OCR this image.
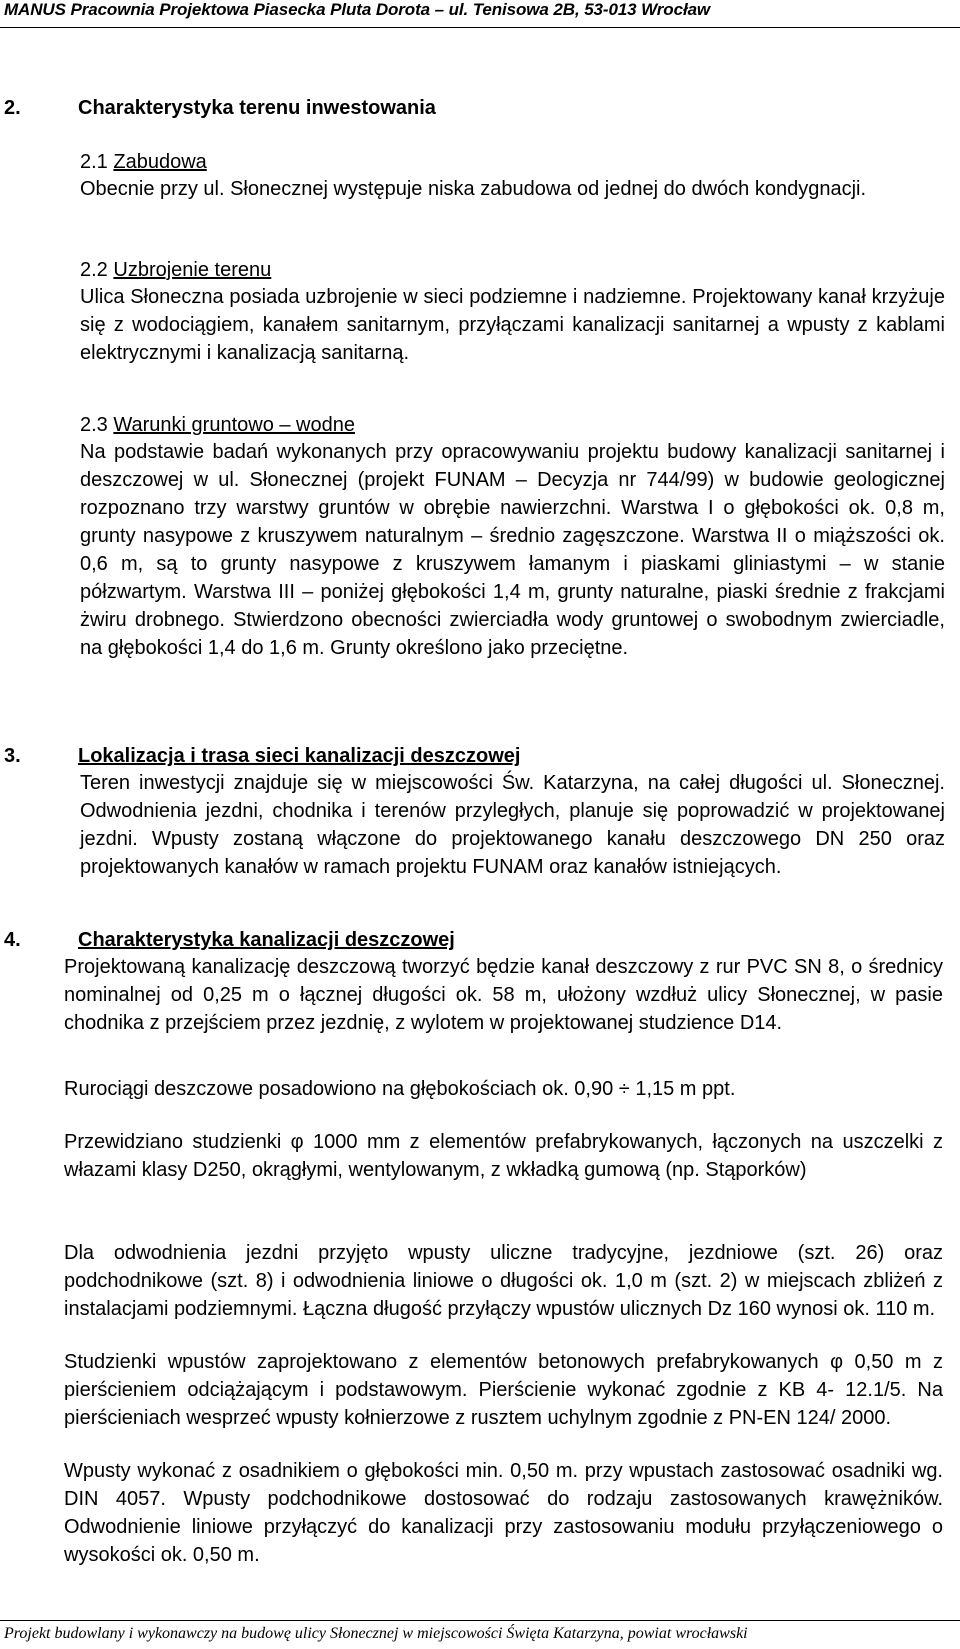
MANUS Pracownia Projektowa Piasecka Pluta Dorota – ul. Tenisowa 2B, 53-013 Wrocław
2.	Charakterystyka terenu inwestowania
2.1 Zabudowa
Obecnie przy ul. Słonecznej występuje niska zabudowa od jednej do dwóch kondygnacji.
2.2 Uzbrojenie terenu
Ulica Słoneczna posiada uzbrojenie w sieci podziemne i nadziemne. Projektowany kanał krzyżuje się z wodociągiem, kanałem sanitarnym, przyłączami kanalizacji sanitarnej a wpusty z kablami elektrycznymi i kanalizacją sanitarną.
2.3 Warunki gruntowo – wodne
Na podstawie badań wykonanych przy opracowywaniu projektu budowy kanalizacji sanitarnej i deszczowej w ul. Słonecznej (projekt FUNAM – Decyzja nr 744/99) w budowie geologicznej rozpoznano trzy warstwy gruntów w obrębie nawierzchni. Warstwa I o głębokości ok. 0,8 m, grunty nasypowe z kruszywem naturalnym – średnio zagęszczone. Warstwa II o miąższości ok. 0,6 m, są to grunty nasypowe z kruszywem łamanym i piaskami gliniastymi – w stanie półzwartym. Warstwa III – poniżej głębokości 1,4 m, grunty naturalne, piaski średnie z frakcjami żwiru drobnego. Stwierdzono obecności zwierciadła wody gruntowej o swobodnym zwierciadle, na głębokości 1,4 do 1,6 m. Grunty określono jako przeciętne.
3.	Lokalizacja i trasa sieci kanalizacji deszczowej
Teren inwestycji znajduje się w miejscowości Św. Katarzyna, na całej długości ul. Słonecznej. Odwodnienia jezdni, chodnika i terenów przyległych, planuje się poprowadzić w projektowanej jezdni. Wpusty zostaną włączone do projektowanego kanału deszczowego DN 250 oraz projektowanych kanałów w ramach projektu FUNAM oraz kanałów istniejących.
4.	Charakterystyka kanalizacji deszczowej
Projektowaną kanalizację deszczową tworzyć będzie kanał deszczowy z rur PVC SN 8, o średnicy nominalnej od 0,25 m o łącznej długości ok. 58 m, ułożony wzdłuż ulicy Słonecznej, w pasie chodnika z przejściem przez jezdnię, z wylotem w projektowanej studzience D14.
Rurociągi deszczowe posadowiono na głębokościach ok. 0,90 ÷ 1,15 m ppt.
Przewidziano studzienki φ 1000 mm z elementów prefabrykowanych, łączonych na uszczelki z włazami klasy D250, okrągłymi, wentylowanym, z wkładką gumową (np. Stąporków)
Dla odwodnienia jezdni przyjęto wpusty uliczne tradycyjne, jezdniowe (szt. 26) oraz podchodnikowe (szt. 8) i odwodnienia liniowe o długości ok. 1,0 m (szt. 2) w miejscach zbliżeń z instalacjami podziemnymi. Łączna długość przyłączy wpustów ulicznych Dz 160 wynosi ok. 110 m.
Studzienki wpustów zaprojektowano z elementów betonowych prefabrykowanych φ 0,50 m z pierścieniem odciążającym i podstawowym. Pierścienie wykonać zgodnie z KB 4- 12.1/5. Na pierścieniach wesprzeć wpusty kołnierzowe z rusztem uchylnym zgodnie z PN-EN 124/ 2000.
Wpusty wykonać z osadnikiem o głębokości min. 0,50 m. przy wpustach zastosować osadniki wg. DIN 4057. Wpusty podchodnikowe dostosować do rodzaju zastosowanych krawężników. Odwodnienie liniowe przyłączyć do kanalizacji przy zastosowaniu modułu przyłączeniowego o wysokości ok. 0,50 m.
Projekt budowlany i wykonawczy na budowę ulicy Słonecznej w miejscowości Święta Katarzyna, powiat wrocławski
